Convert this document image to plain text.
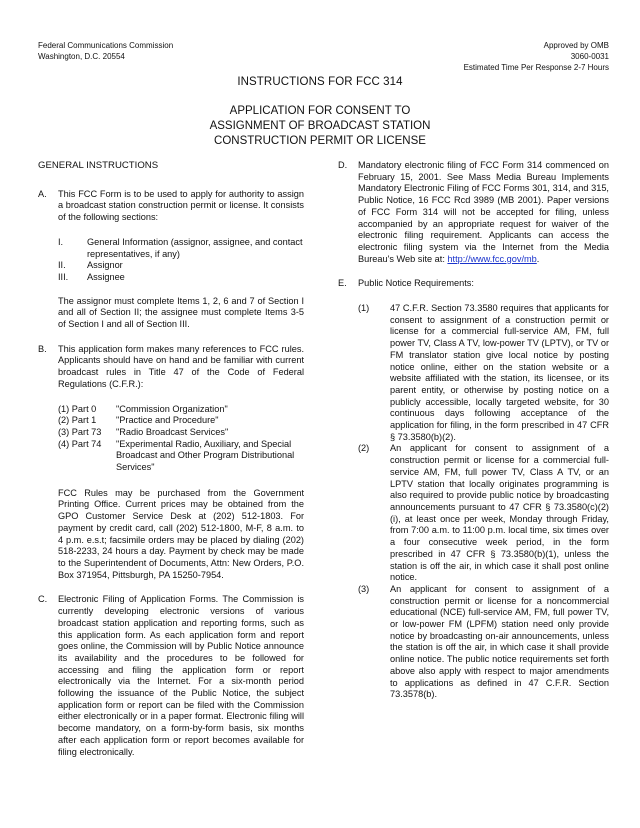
Federal Communications Commission
Washington, D.C. 20554
Approved by OMB
3060-0031
Estimated Time Per Response 2-7 Hours
INSTRUCTIONS FOR FCC 314
APPLICATION FOR CONSENT TO
ASSIGNMENT OF BROADCAST STATION
CONSTRUCTION PERMIT OR LICENSE
GENERAL INSTRUCTIONS
A. This FCC Form is to be used to apply for authority to assign a broadcast station construction permit or license. It consists of the following sections:

I.	General Information (assignor, assignee, and contact representatives, if any)
II. Assignor
III. Assignee

The assignor must complete Items 1, 2, 6 and 7 of Section I and all of Section II; the assignee must complete Items 3-5 of Section I and all of Section III.

B. This application form makes many references to FCC rules. Applicants should have on hand and be familiar with current broadcast rules in Title 47 of the Code of Federal Regulations (C.F.R.):

(1) Part 0 "Commission Organization"
(2) Part 1 "Practice and Procedure"
(3) Part 73 "Radio Broadcast Services"
(4) Part 74 "Experimental Radio, Auxiliary, and Special Broadcast and Other Program Distributional Services"

FCC Rules may be purchased from the Government Printing Office. Current prices may be obtained from the GPO Customer Service Desk at (202) 512-1803. For payment by credit card, call (202) 512-1800, M-F, 8 a.m. to 4 p.m. e.s.t; facsimile orders may be placed by dialing (202) 518-2233, 24 hours a day. Payment by check may be made to the Superintendent of Documents, Attn: New Orders, P.O. Box 371954, Pittsburgh, PA 15250-7954.

C. Electronic Filing of Application Forms. The Commission is currently developing electronic versions of various broadcast station application and reporting forms, such as this application form. As each application form and report goes online, the Commission will by Public Notice announce its availability and the procedures to be followed for accessing and filing the application form or report electronically via the Internet. For a six-month period following the issuance of the Public Notice, the subject application form or report can be filed with the Commission either electronically or in a paper format. Electronic filing will become mandatory, on a form-by-form basis, six months after each application form or report becomes available for filing electronically.

D. Mandatory electronic filing of FCC Form 314 commenced on February 15, 2001. See Mass Media Bureau Implements Mandatory Electronic Filing of FCC Forms 301, 314, and 315, Public Notice, 16 FCC Rcd 3989 (MB 2001). Paper versions of FCC Form 314 will not be accepted for filing, unless accompanied by an appropriate request for waiver of the electronic filing requirement. Applicants can access the electronic filing system via the Internet from the Media Bureau's Web site at: http://www.fcc.gov/mb.

E. Public Notice Requirements:

(1) 47 C.F.R. Section 73.3580 requires that applicants for consent to assignment of a construction permit or license for a commercial full-service AM, FM, full power TV, Class A TV, low-power TV (LPTV), or TV or FM translator station give local notice by posting notice online, either on the station website or a website affiliated with the station, its licensee, or its parent entity, or otherwise by posting notice on a publicly accessible, locally targeted website, for 30 continuous days following acceptance of the application for filing, in the form prescribed in 47 CFR § 73.3580(b)(2).
(2) An applicant for consent to assignment of a construction permit or license for a commercial full-service AM, FM, full power TV, Class A TV, or an LPTV station that locally originates programming is also required to provide public notice by broadcasting announcements pursuant to 47 CFR § 73.3580(c)(2)(i), at least once per week, Monday through Friday, from 7:00 a.m. to 11:00 p.m. local time, six times over a four consecutive week period, in the form prescribed in 47 CFR § 73.3580(b)(1), unless the station is off the air, in which case it shall post online notice.
(3) An applicant for consent to assignment of a construction permit or license for a noncommercial educational (NCE) full-service AM, FM, full power TV, or low-power FM (LPFM) station need only provide notice by broadcasting on-air announcements, unless the station is off the air, in which case it shall provide online notice. The public notice requirements set forth above also apply with respect to major amendments to applications as defined in 47 C.F.R. Section 73.3578(b).
